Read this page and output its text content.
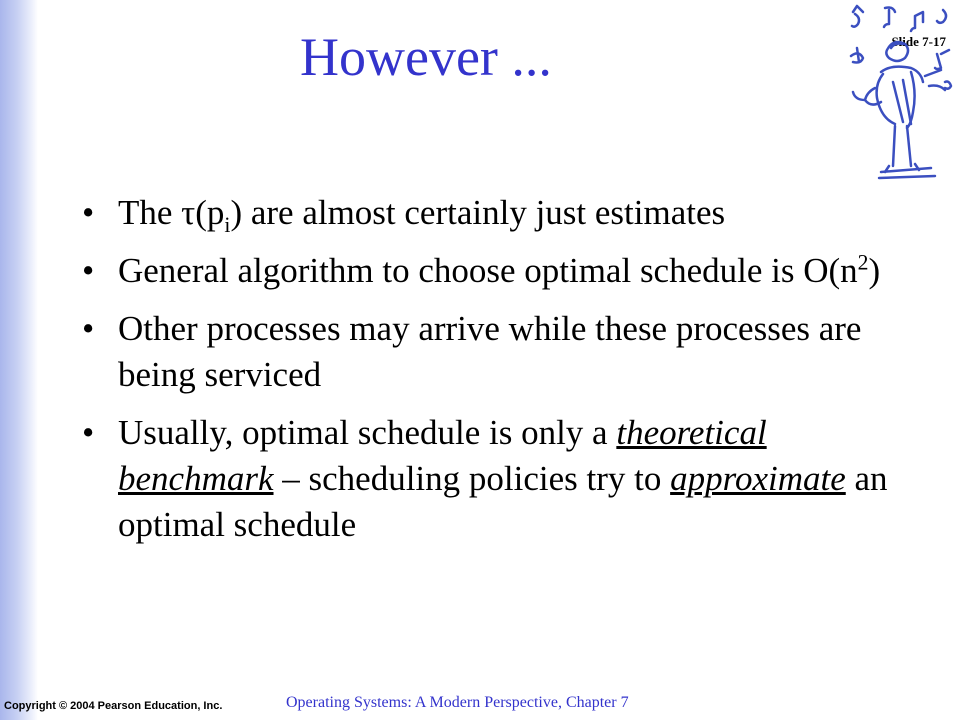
However ...	Slide 7-17
• The $\tau(p_i)$ are almost certainly just estimates
• General algorithm to choose optimal schedule is $O(n^2)$
• Other processes may arrive while these processes are being serviced
• Usually, optimal schedule is only a theoretical benchmark – scheduling policies try to approximate an optimal schedule
Copyright © 2004 Pearson Education, Inc.	Operating Systems: A Modern Perspective, Chapter 7
